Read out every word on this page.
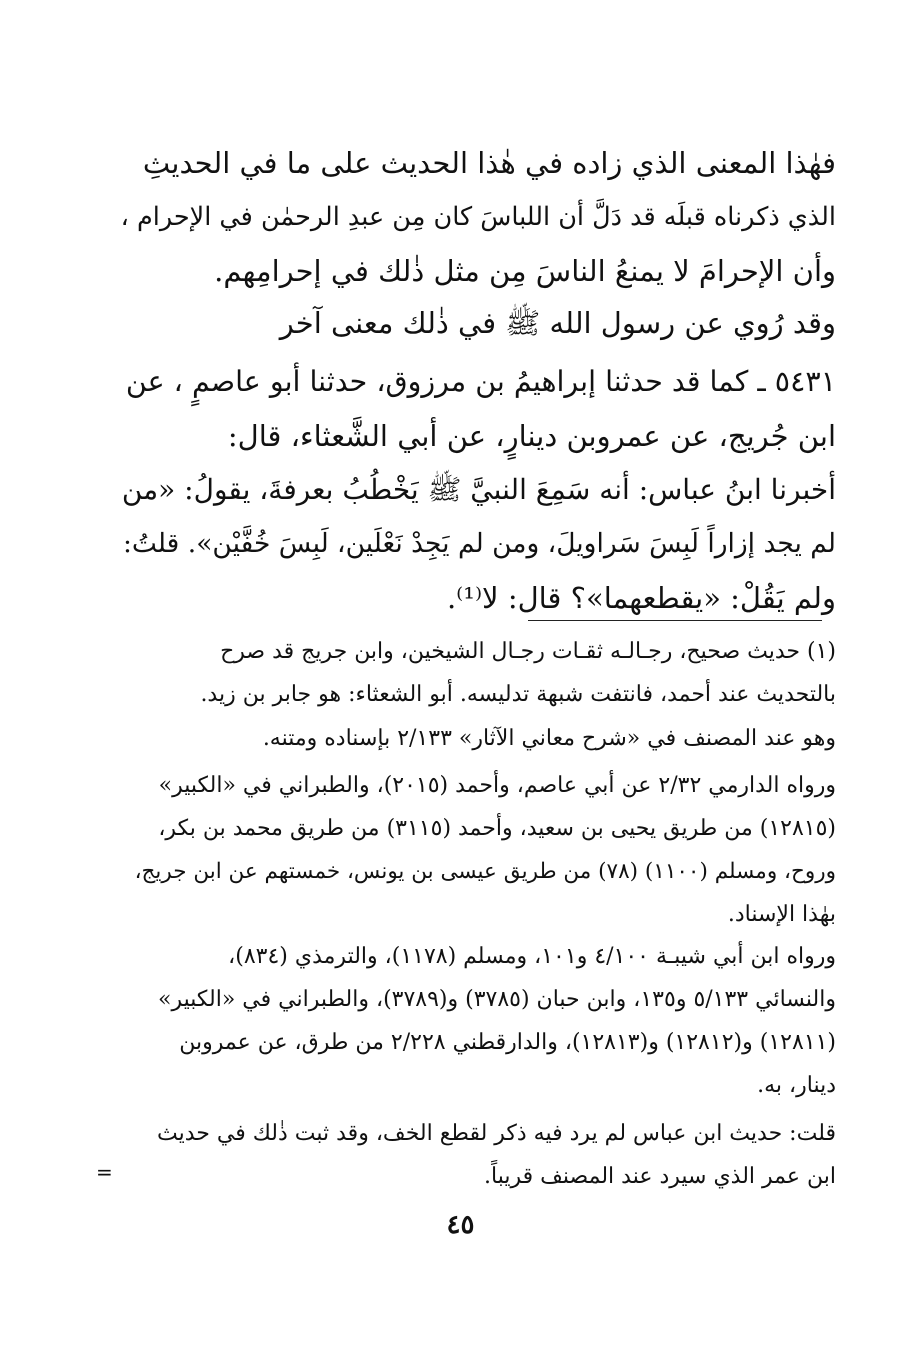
فهٰذا المعنى الذي زاده في هٰذا الحديث على ما في الحديثِ
الذي ذكرناه قبلَه قد دَلَّ أن اللباسَ كان مِن عبدِ الرحمٰن في الإحرام ،
وأن الإحرامَ لا يمنعُ الناسَ مِن مثل ذٰلك في إحرامِهم.
وقد رُوي عن رسول الله ﷺ في ذٰلك معنى آخر
٥٤٣١ ـ كما قد حدثنا إبراهيمُ بن مرزوق، حدثنا أبو عاصمٍ ، عن
ابن جُريج، عن عمروبن دينارٍ، عن أبي الشَّعثاء، قال:
أخبرنا ابنُ عباس: أنه سَمِعَ النبيَّ ﷺ يَخْطُبُ بعرفةَ، يقولُ: «من
لم يجد إزاراً لَبِسَ سَراويلَ، ومن لم يَجِدْ نَعْلَين، لَبِسَ خُفَّيْن». قلتُ:
ولم يَقُلْ: «يقطعهما»؟ قال: لا⁽¹⁾.
(١) حديث صحيح، رجـالـه ثقـات رجـال الشيخين، وابن جريج قد صرح
بالتحديث عند أحمد، فانتفت شبهة تدليسه. أبو الشعثاء: هو جابر بن زيد.
وهو عند المصنف في «شرح معاني الآثار» ٢/١٣٣ بإسناده ومتنه.
ورواه الدارمي ٢/٣٢ عن أبي عاصم، وأحمد (٢٠١٥)، والطبراني في «الكبير»
(١٢٨١٥) من طريق يحيى بن سعيد، وأحمد (٣١١٥) من طريق محمد بن بكر،
وروح، ومسلم (١١٠٠) (٧٨) من طريق عيسى بن يونس، خمستهم عن ابن جريج،
بهٰذا الإسناد.
ورواه ابن أبي شيبـة ٤/١٠٠ و١٠١، ومسلم (١١٧٨)، والترمذي (٨٣٤)،
والنسائي ٥/١٣٣ و١٣٥، وابن حبان (٣٧٨٥) و(٣٧٨٩)، والطبراني في «الكبير»
(١٢٨١١) و(١٢٨١٢) و(١٢٨١٣)، والدارقطني ٢/٢٢٨ من طرق، عن عمروبن
دينار، به.
قلت: حديث ابن عباس لم يرد فيه ذكر لقطع الخف، وقد ثبت ذٰلك في حديث
ابن عمر الذي سيرد عند المصنف قريباً.
=
٤٥
